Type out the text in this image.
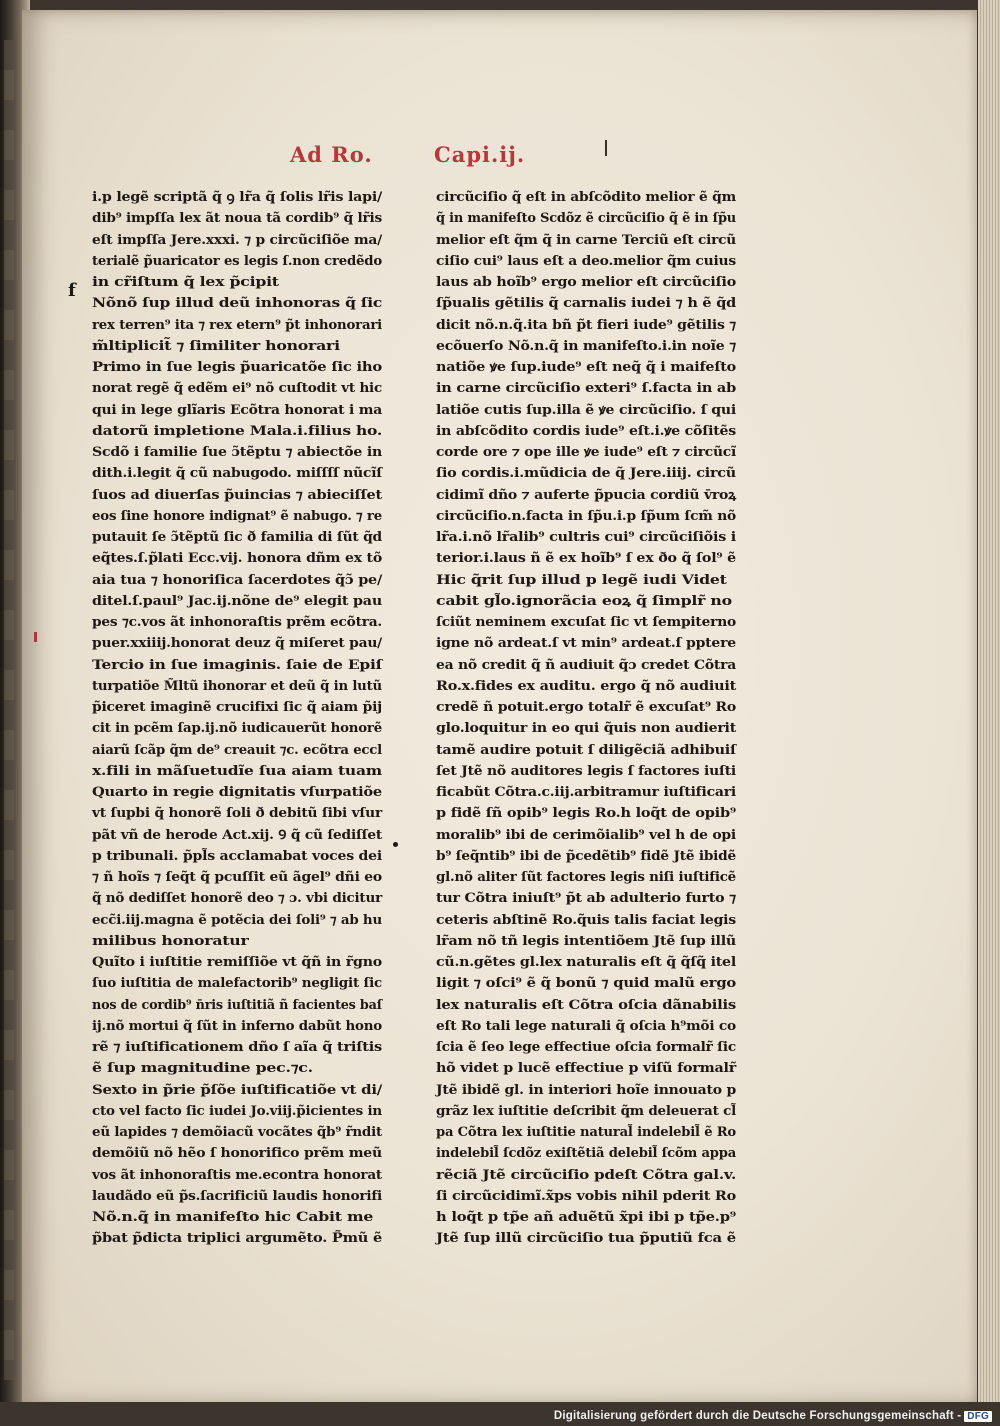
Ad Ro.	Capi.ij.
f
i.p legẽ scriptã q̃ ꝯ lr̃a q̃ ſolis lr̃is lapi/
dib⁹ impſſa lex ãt noua tã cordib⁹ q̃ lr̃is
eſt impſſa Jere.xxxi. ⁊ p circũciſiõe ma/
terialẽ p̃uaricator es legis ſ.non credẽdo
in cr̃iſtum q̃ lex p̃cipit
Nõnõ ſup illud deũ inhonoras q̃ ſic
rex terren⁹ ita ⁊ rex etern⁹ p̃t inhonorari
m̃ltiplicit̃ ⁊ ſimiliter honorari
Primo in ſue legis p̃uaricatõe ſic iho
norat regẽ q̃ edẽm ei⁹ nõ cuſtodit vt hic
qui in lege glĩaris Ecõtra honorat i ma
datorũ impletione Mala.i.filius ho.
Scdõ i familie ſue ɔ̃tẽptu ⁊ abiectõe in
dith.i.legit q̃ cũ nabugodo. miſſſſ nũcĩſ
ſuos ad diuerſas p̃uincias ⁊ abieciſſet
eos ſine honore indignat⁹ ẽ nabugo. ⁊ re
putauit ſe ɔ̃tẽptũ ſic ð familia di ſũt q̃d
eq̃tes.ſ.p̃lati Ecc.vij. honora dñm ex tõ
aia tua ⁊ honoriſica ſacerdotes q̃ɔ̃ pe/
ditel.ſ.paul⁹ Jac.ij.nõne de⁹ elegit pau
pes ⁊c.vos ãt inhonoraſtis prẽm ecõtra.
puer.xxiiij.honorat deuz q̃ miſeret pau/
Tercio in ſue imaginis. ſaie de Epiſ
turpatiõe M̃ltũ ihonorar et deũ q̃ in lutũ
p̃iceret imaginẽ crucifixi ſic q̃ aiam p̃ij
cit in pcẽm ſap.ij.nõ iudicauerũt honorẽ
aiarũ ſcãp q̃m de⁹ creauit ⁊c. ecõtra eccl
x.fili in mãſuetudĩe ſua aiam tuam
Quarto in regie dignitatis vſurpatiõe
vt ſupbi q̃ honorẽ ſoli ð debitũ ſibi vſur
pãt vñ de herode Act.xij. Ꝯ q̃ cũ ſediſſet
p tribunali. p̃pl̃s acclamabat voces dei
⁊ ñ hoĩs ⁊ ſeq̃t q̃ pcuſſit eũ ãgel⁹ dñi eo
q̃ nõ dediſſet honorẽ deo ⁊ ɔ. vbi dicitur
ecc̃i.iij.magna ẽ potẽcia dei ſoli⁹ ⁊ ab hu
milibus honoratur
Quĩto i iuſtitie remiſſiõe vt q̃ñ in r̃gno
ſuo iuſtitia de malefactorib⁹ negligit ſic
nos de cordib⁹ n̄ris iuſtitiã ñ facientes baſ
ij.nõ mortui q̃ ſũt in inferno dabũt hono
rẽ ⁊ iuſtificationem dño ſ aĩa q̃ triſtis
ẽ ſup magnitudine pec.⁊c.
Sexto in p̃rie p̃ſõe iuſtificatiõe vt di/
cto vel facto ſic iudei Jo.viij.p̃icientes in
eũ lapides ⁊ demõiacũ vocãtes q̃b⁹ r̃ndit
demõiũ nõ hẽo ſ honorifico prẽm meũ
vos ãt inhonoraſtis me.econtra honorat
laudãdo eũ p̃s.ſacrificiũ laudis honorifi
Nõ.n.q̃ in manifeſto hic Cabit me
p̃bat p̃dicta triplici argumẽto. P̃mũ ẽ
circũciſio q̃ eſt in abſcõdito melior ẽ q̃m
q̃ in manifeſto Scdõz ẽ circũciſio q̃ ẽ in ſp̃u
melior eſt q̃m q̃ in carne Terciũ eſt circũ
ciſio cui⁹ laus eſt a deo.melior q̃m cuius
laus ab hoĩb⁹ ergo melior eſt circũciſio
ſp̃ualis gẽtilis q̃ carnalis iudei ⁊ h ẽ q̃d
dicit nõ.n.q̃.ita bñ p̃t fieri iude⁹ gẽtilis ⁊
ecõuerſo Nõ.n.q̃ in manifeſto.i.in noĩe ⁊
natiõe ꝟe ſup.iude⁹ eſt neq̃ q̃ i maifeſto
in carne circũciſio exteri⁹ ſ.facta in ab
latiõe cutis ſup.illa ẽ ꝟe circũciſio. ſ qui
in abſcõdito cordis iude⁹ eſt.i.ꝟe cõſitẽs
corde ore ⁊ ope ille ꝟe iude⁹ eſt ⁊ circũcĩ
ſio cordis.i.mũdicia de q̃ Jere.iiij. circũ
cidimĩ dño ⁊ auferte p̃pucia cordiũ v̄roꝝ
circũciſio.n.facta in ſp̃u.i.p ſp̃um ſcm̃ nõ
lr̃a.i.nõ lr̃alib⁹ cultris cui⁹ circũciſiõis i
terior.i.laus ñ ẽ ex hoĩb⁹ ſ ex ðo q̃ ſol⁹ ẽ
Hic q̃rit ſup illud p legẽ iudi Videt
cabit gl̃o.ignorãcia eoꝝ q̃ ſimplr̃ no
ſciũt neminem excuſat ſic vt ſempiterno
igne nõ ardeat.ſ vt min⁹ ardeat.ſ pptere
ea nõ credit q̃ ñ audiuit q̃ɔ credet Cõtra
Ro.x.fides ex auditu. ergo q̃ nõ audiuit
credẽ ñ potuit.ergo totalr̃ ẽ excuſat⁹ Ro
glo.loquitur in eo qui q̃uis non audierit
tamẽ audire potuit ſ diligẽciã adhibuiſ
ſet Jtẽ nõ auditores legis ſ factores iuſti
ficabũt Cõtra.c.iij.arbitramur iuſtificari
p fidẽ ſñ opib⁹ legis Ro.h loq̃t de opib⁹
moralib⁹ ibi de cerimõialib⁹ vel h de opi
b⁹ ſeq̃ntib⁹ ibi de p̃cedẽtib⁹ fidẽ Jtẽ ibidẽ
gl.nõ aliter ſũt factores legis niſi iuſtificẽ
tur Cõtra iniuſt⁹ p̃t ab adulterio furto ⁊
ceteris abſtinẽ Ro.q̃uis talis faciat legis
lr̃am nõ tñ legis intentiõem Jtẽ ſup illũ
cũ.n.gẽtes gl.lex naturalis eſt q̃ q̃ſq̃ itel
ligit ⁊ oſci⁹ ẽ q̃ bonũ ⁊ quid malũ ergo
lex naturalis eſt Cõtra oſcia dãnabilis
eſt Ro tali lege naturali q̃ oſcia h⁹mõi co
ſcia ẽ ſeo lege effectiue oſcia formalr̃ ſic
hõ videt p lucẽ effectiue p viſũ formalr̃
Jtẽ ibidẽ gl. in interiori hoĩe innouato p
grãz lex iuſtitie deſcribit q̃m deleuerat cl̃
pa Cõtra lex iuſtitie natural̃ indelebil̃ ẽ Ro
indelebil̃ ſcdõz exiſtẽtiã delebil̃ ſcõm appa
rẽciã Jtẽ circũciſio pdeſt Cõtra gal.v.
ſi circũcidimĩ.x̃ps vobis nihil pderit Ro
h loq̃t p tp̃e añ aduẽtũ x̃pi ibi p tp̃e.p⁹
Jtẽ ſup illũ circũciſio tua p̃putiũ fca ẽ
Digitalisierung gefördert durch die Deutsche Forschungsgemeinschaft - DFG
